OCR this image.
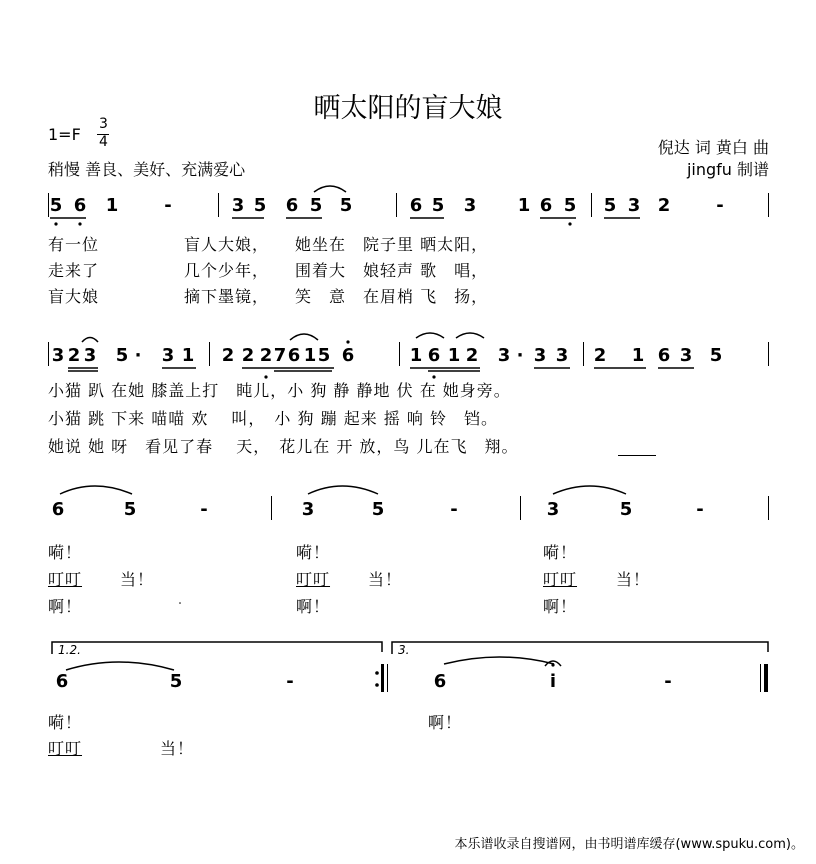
晒太阳的盲大娘
1=F
3
4
稍慢 善良、美好、充满爱心
倪达 词 黄白 曲
jingfu 制谱
5 6 1	-	3 5 6 5 5	6 5 3 1 6 5 5 3 2	-
有一位　　　　　盲人大娘，　　她坐在　院子里 晒太阳，
走来了　　　　　几个少年，　　围着大　娘轻声 歌　唱，
盲大娘　　　　　摘下墨镜，　　笑　意　在眉梢 飞　扬，
3 2 3 5 · 3 1 2 2 2 7 6 1 5 6	1 6 1 2 3 · 3 3 2 1 6 3 5
小猫 趴 在她 膝盖上打　盹儿，小 狗 静 静地 伏 在 她身旁。
小猫 跳 下来 喵喵 欢　 叫，　小 狗 蹦 起来 摇 响 铃　铛。
她说 她 呀　看见了春　 天，　花儿在 开 放，鸟 儿在飞　翔。
6	5	-	3	5	-	3	5	-
嗬！	嗬！	嗬！
叮叮 当！	叮叮 当！	叮叮 当！
啊！	啊！	啊！
1.2.	3.
6	5	-	6	i	-
嗬！	啊！
叮叮	当！
本乐谱收录自搜谱网，由书明谱库缓存(www.spuku.com)。
